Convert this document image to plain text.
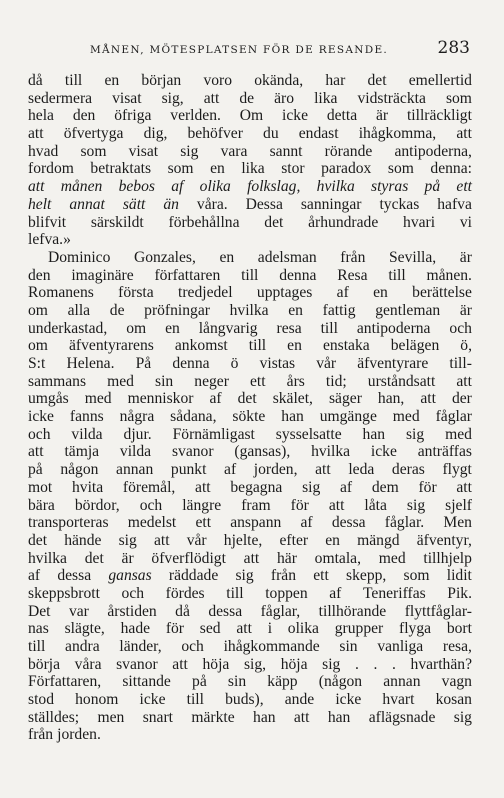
MÅNEN, MÖTESPLATSEN FÖR DE RESANDE.	283
då till en början voro okända, har det emellertid
sedermera visat sig, att de äro lika vidsträckta som
hela den öfriga verlden. Om icke detta är tillräckligt
att öfvertyga dig, behöfver du endast ihågkomma, att
hvad som visat sig vara sannt rörande antipoderna,
fordom betraktats som en lika stor paradox som denna:
att månen bebos af olika folkslag, hvilka styras på ett
helt annat sätt än våra. Dessa sanningar tyckas hafva
blifvit särskildt förbehållna det århundrade hvari vi
lefva.»
Dominico Gonzales, en adelsman från Sevilla, är
den imaginäre författaren till denna Resa till månen.
Romanens första tredjedel upptages af en berättelse
om alla de pröfningar hvilka en fattig gentleman är
underkastad, om en långvarig resa till antipoderna och
om äfventyrarens ankomst till en enstaka belägen ö,
S:t Helena. På denna ö vistas vår äfventyrare till-
sammans med sin neger ett års tid; urståndsatt att
umgås med menniskor af det skälet, säger han, att der
icke fanns några sådana, sökte han umgänge med fåglar
och vilda djur. Förnämligast sysselsatte han sig med
att tämja vilda svanor (gansas), hvilka icke anträffas
på någon annan punkt af jorden, att leda deras flygt
mot hvita föremål, att begagna sig af dem för att
bära bördor, och längre fram för att låta sig sjelf
transporteras medelst ett anspann af dessa fåglar. Men
det hände sig att vår hjelte, efter en mängd äfventyr,
hvilka det är öfverflödigt att här omtala, med tillhjelp
af dessa gansas räddade sig från ett skepp, som lidit
skeppsbrott och fördes till toppen af Teneriffas Pik.
Det var årstiden då dessa fåglar, tillhörande flyttfåglar-
nas slägte, hade för sed att i olika grupper flyga bort
till andra länder, och ihågkommande sin vanliga resa,
börja våra svanor att höja sig, höja sig . . . hvarthän?
Författaren, sittande på sin käpp (någon annan vagn
stod honom icke till buds), ande icke hvart kosan
ställdes; men snart märkte han att han aflägsnade sig
från jorden.
